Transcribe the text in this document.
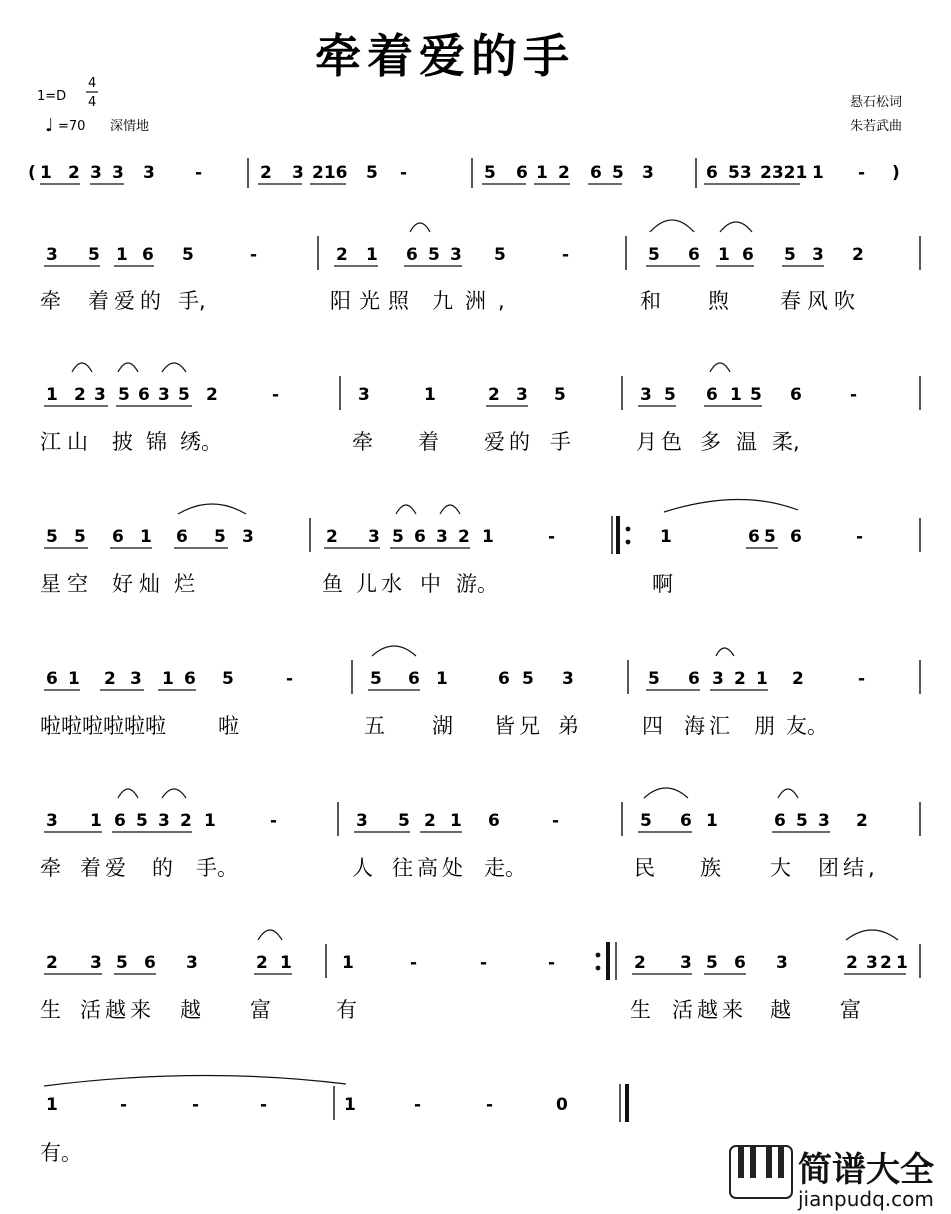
牵着爱的手
1=D
4
4
♩ =70 深情地
悬石松词
朱若武曲
( 1 2 3 3 3 -	2 3 216 5 -	5 6 1 2 6 5 3	6 53 2321 1 - )
3 5 1 6 5	-	2 1 6 5 3 5	-	5 6 1 6 5 3 2
牵 着爱的 手,	阳光照 九洲,	和 煦 春风吹
1 2 3 5 6 3 5 2	-	3	1	2 3 5	3 5 6 1 5 6	-
江山 披 锦 绣。	牵 着 爱的 手	月色 多 温 柔,
5 5 6 1 6 5 3	2 3 5 6 3 2 1	-	1	6 5 6	-
星空 好灿 烂	鱼 儿水 中 游。	啊
6 1 2 3 1 6 5	-	5 6 1	6 5 3	5 6 3 2 1 2	-
啦啦啦啦啦啦 啦	五 湖 皆兄 弟	四 海汇 朋 友。
3 1 6 5 3 2 1	-	3 5 2 1 6	-	5 6 1	6 5 3 2
牵 着爱 的 手。	人 往高处 走。	民 族 大 团结,
2 3 5 6 3	2 1	1	-	-	-	2 3 5 6 3	2 3 2 1
生 活越来 越 富	有	生 活越来 越 富
1	-	-	-	1	-	-	0
有。	简谱大全
jianpudq.com
